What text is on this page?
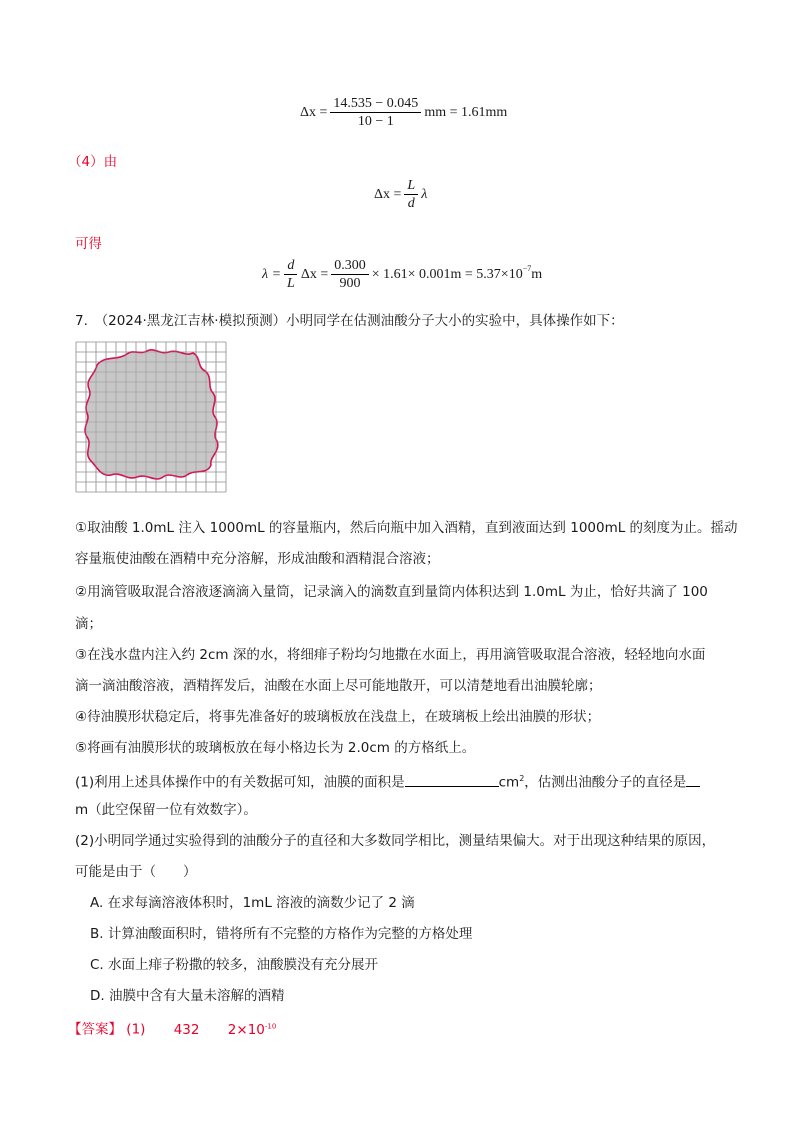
$\Delta x = \frac{14.535 - 0.045}{10 - 1}$ mm = 1.61mm
（4）由
$\Delta x = \frac{L}{d}$ λ
可得
$\lambda = \frac{d}{L}$ $\Delta x = \frac{0.300}{900} \times 1.61\times 0.001m = 5.37\times 10^{-7}$ m
7.　（2024·黑龙江吉林·模拟预测）小明同学在估测油酸分子大小的实验中，具体操作如下：
①取油酸 1.0mL 注入 1000mL 的容量瓶内，然后向瓶中加入酒精，直到液面达到 1000mL 的刻度为止。摇动
容量瓶使油酸在酒精中充分溶解，形成油酸和酒精混合溶液；
②用滴管吸取混合溶液逐滴滴入量筒，记录滴入的滴数直到量筒内体积达到 1.0mL 为止，恰好共滴了 100
滴；
③在浅水盘内注入约 2cm 深的水，将细痱子粉均匀地撒在水面上，再用滴管吸取混合溶液，轻轻地向水面
滴一滴油酸溶液，酒精挥发后，油酸在水面上尽可能地散开，可以清楚地看出油膜轮廓；
④待油膜形状稳定后，将事先准备好的玻璃板放在浅盘上，在玻璃板上绘出油膜的形状；
⑤将画有油膜形状的玻璃板放在每小格边长为 2.0cm 的方格纸上。
(1)利用上述具体操作中的有关数据可知，油膜的面积是	$cm^2$，估测出油酸分子的直径是
m（此空保留一位有效数字）。
(2)小明同学通过实验得到的油酸分子的直径和大多数同学相比，测量结果偏大。对于出现这种结果的原因，
可能是由于（　　）
A. 在求每滴溶液体积时，1mL 溶液的滴数少记了 2 滴
B. 计算油酸面积时，错将所有不完整的方格作为完整的方格处理
C. 水面上痱子粉撒的较多，油酸膜没有充分展开
D. 油膜中含有大量未溶解的酒精
【答案】 (1) 432 $2\times 10^{-10}$
